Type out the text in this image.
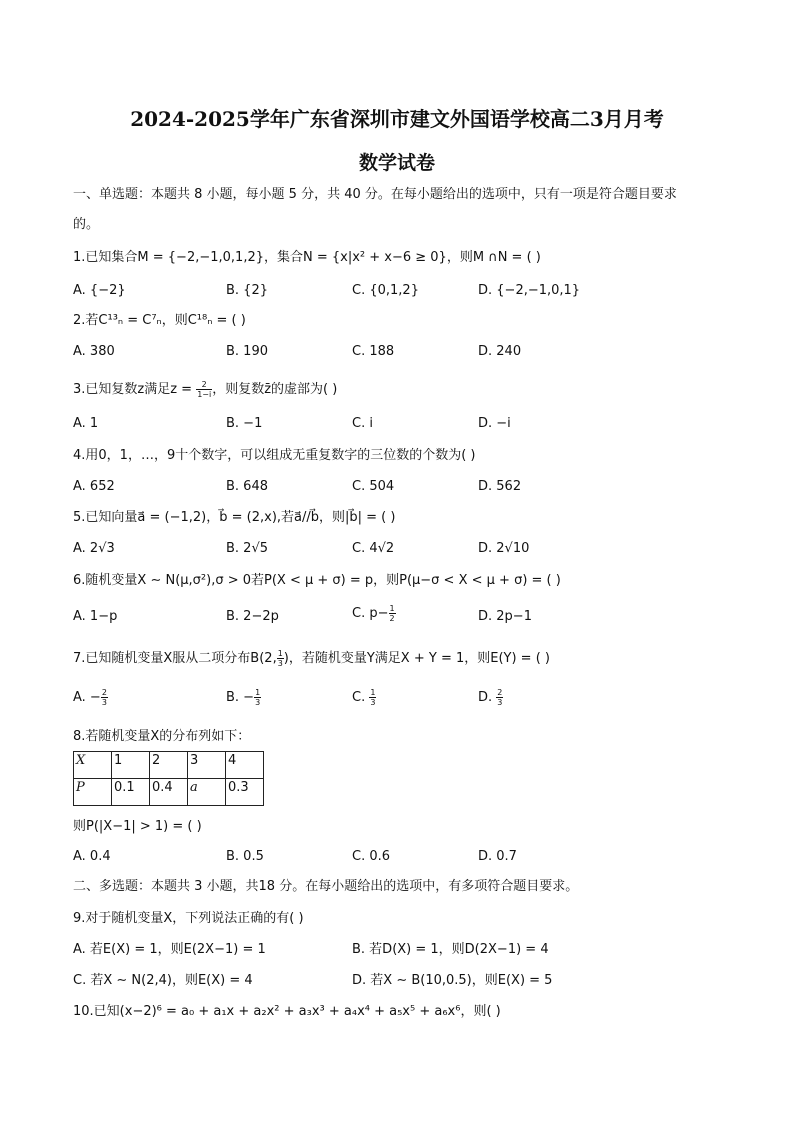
2024-2025学年广东省深圳市建文外国语学校高二3月月考
数学试卷
一、单选题：本题共 8 小题，每小题 5 分，共 40 分。在每小题给出的选项中，只有一项是符合题目要求
的。
1.已知集合M = {−2,−1,0,1,2}，集合N = {x|x² + x−6 ≥ 0}，则M ∩N = ( )
A. {−2}	B. {2}	C. {0,1,2}	D. {−2,−1,0,1}
2.若C¹³ₙ = C⁷ₙ，则C¹⁸ₙ = ( )
A. 380	B. 190	C. 188	D. 240
3.已知复数z满足$z = \frac{2}{1-i}$ ，则复数z̄的虚部为( )
A. 1	B. −1	C. i	D. −i
4.用0，1，…，9十个数字，可以组成无重复数字的三位数的个数为( )
A. 652	B. 648	C. 504	D. 562
5.已知向量a⃗ = (−1,2)，b⃗ = (2,x),若a⃗//b⃗，则|b⃗| = ( )
A. 2√3	B. 2√5	C. 4√2	D. 2√10
6.随机变量X ∼ N(μ,σ²),σ > 0若P(X < μ + σ) = p，则P(μ−σ < X < μ + σ) = ( )
A. 1−p	B. 2−2p	C. $p- \frac{1}{2}$	D. 2p−1
7.已知随机变量X服从二项分布B(2, $\frac{1}{3}$ )，若随机变量Y满足X + Y = 1，则E(Y) = ( )
A. − $\frac{2}{3}$	B. − $\frac{1}{3}$	C. $\frac{1}{3}$	D. $\frac{2}{3}$
8.若随机变量X的分布列如下：
X	1	2	3	4
P	0.1	0.4	a	0.3
则P(|X−1| > 1) = ( )
A. 0.4	B. 0.5	C. 0.6	D. 0.7
二、多选题：本题共 3 小题，共18 分。在每小题给出的选项中，有多项符合题目要求。
9.对于随机变量X，下列说法正确的有( )
A. 若E(X) = 1，则E(2X−1) = 1	B. 若D(X) = 1，则D(2X−1) = 4
C. 若X ∼ N(2,4)，则E(X) = 4	D. 若X ∼ B(10,0.5)，则E(X) = 5
10.已知(x−2)⁶ = a₀ + a₁x + a₂x² + a₃x³ + a₄x⁴ + a₅x⁵ + a₆x⁶，则( )
